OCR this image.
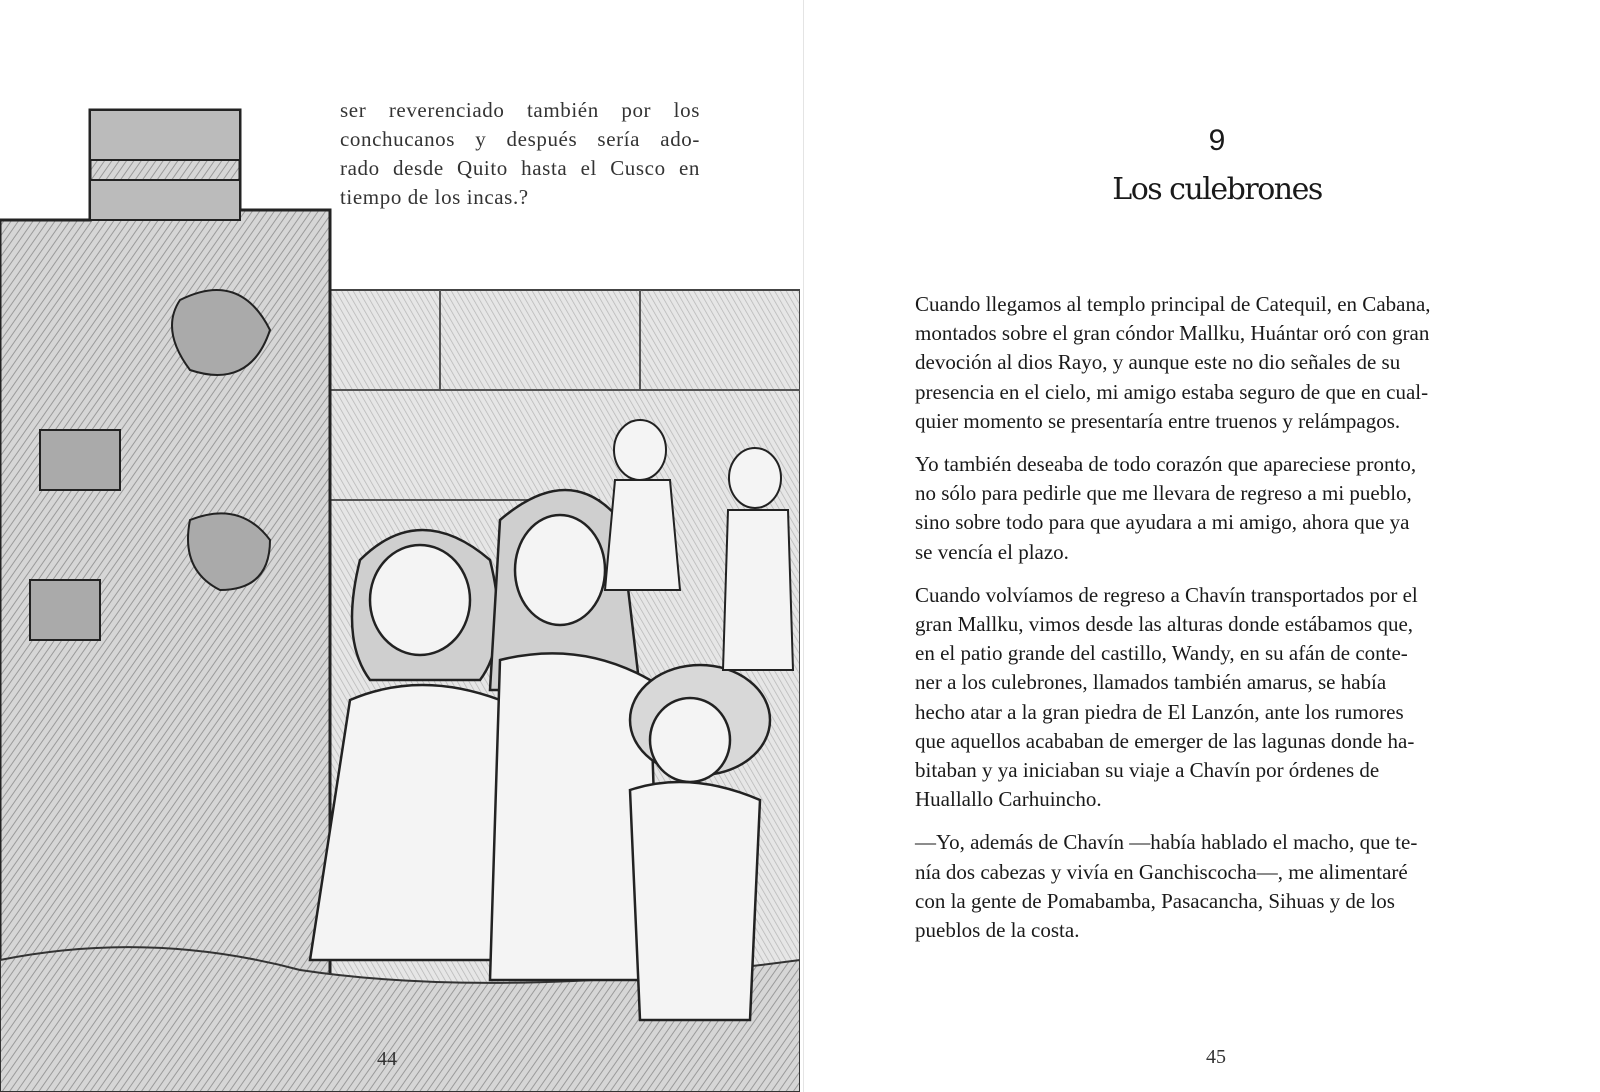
ser reverenciado también por los
conchucanos y después sería ado-
rado desde Quito hasta el Cusco en
tiempo de los incas.?
44
9
Los culebrones
Cuando llegamos al templo principal de Catequil, en Cabana,
montados sobre el gran cóndor Mallku, Huántar oró con gran
devoción al dios Rayo, y aunque este no dio señales de su
presencia en el cielo, mi amigo estaba seguro de que en cual-
quier momento se presentaría entre truenos y relámpagos.
Yo también deseaba de todo corazón que apareciese pronto,
no sólo para pedirle que me llevara de regreso a mi pueblo,
sino sobre todo para que ayudara a mi amigo, ahora que ya
se vencía el plazo.
Cuando volvíamos de regreso a Chavín transportados por el
gran Mallku, vimos desde las alturas donde estábamos que,
en el patio grande del castillo, Wandy, en su afán de conte-
ner a los culebrones, llamados también amarus, se había
hecho atar a la gran piedra de El Lanzón, ante los rumores
que aquellos acababan de emerger de las lagunas donde ha-
bitaban y ya iniciaban su viaje a Chavín por órdenes de
Huallallo Carhuincho.
—Yo, además de Chavín —había hablado el macho, que te-
nía dos cabezas y vivía en Ganchiscocha—, me alimentaré
con la gente de Pomabamba, Pasacancha, Sihuas y de los
pueblos de la costa.
45
